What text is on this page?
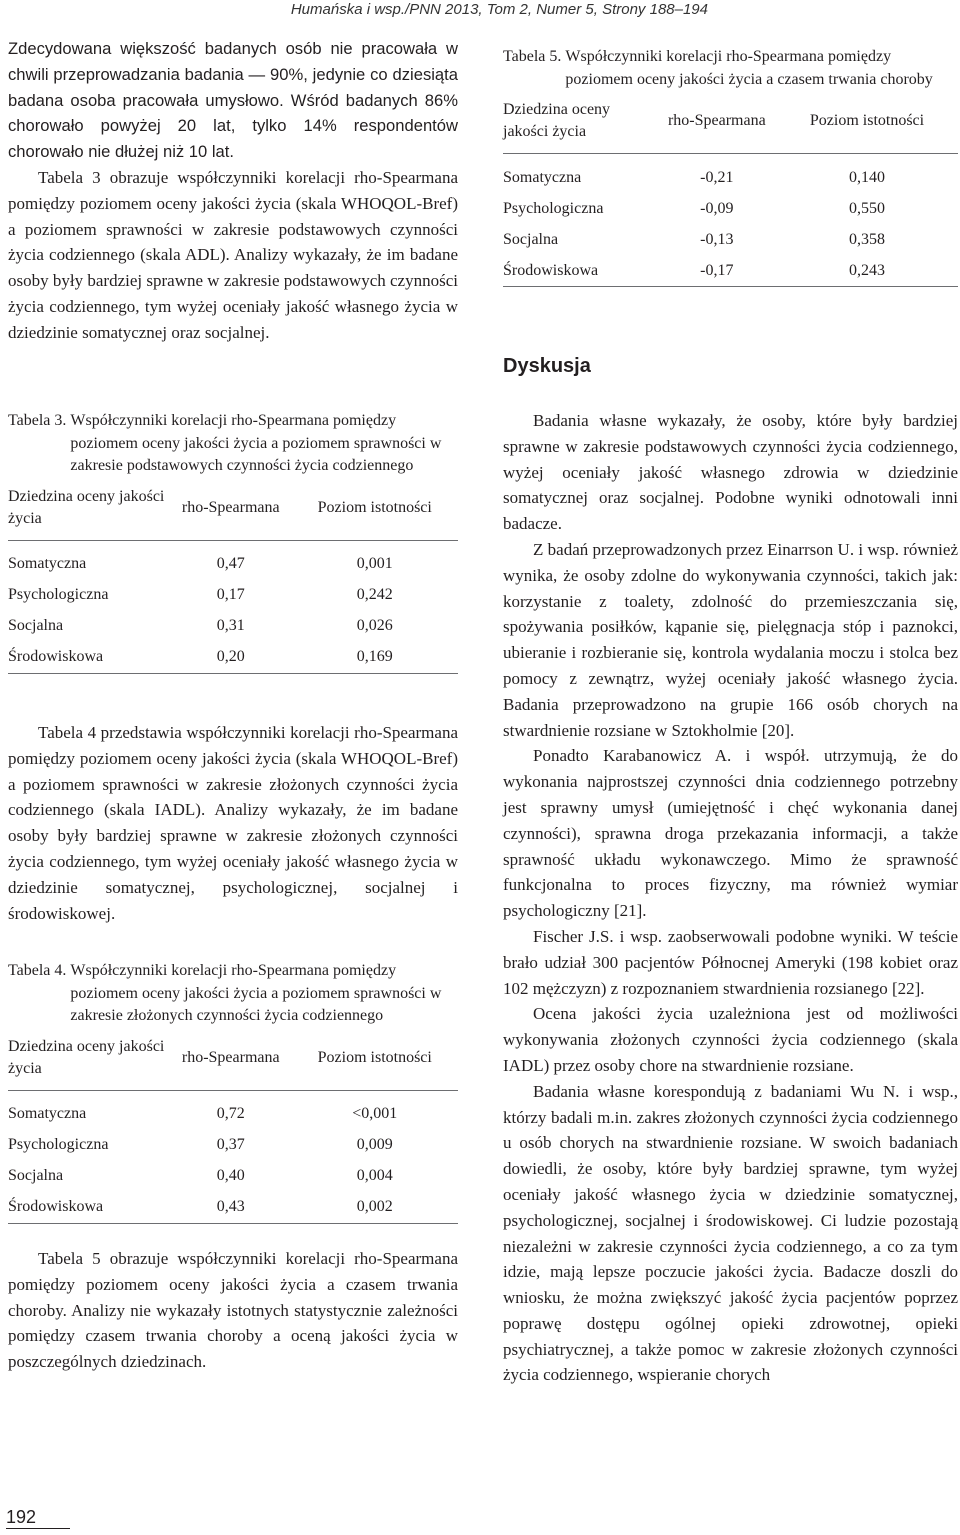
Humańska i wsp./PNN 2013, Tom 2, Numer 5, Strony 188–194

Zdecydowana większość badanych osób nie pracowała w chwili przeprowadzania badania — 90%, jedynie co dziesiąta badana osoba pracowała umysłowo. Wśród badanych 86% chorowało powyżej 20 lat, tylko 14% respondentów chorowało nie dłużej niż 10 lat.

Tabela 3 obrazuje współczynniki korelacji rho-Spearmana pomiędzy poziomem oceny jakości życia (skala WHOQOL-Bref) a poziomem sprawności w zakresie podstawowych czynności życia codziennego (skala ADL). Analizy wykazały, że im badane osoby były bardziej sprawne w zakresie podstawowych czynności życia codziennego, tym wyżej oceniały jakość własnego życia w dziedzinie somatycznej oraz socjalnej.

Tabela 3. Współczynniki korelacji rho-Spearmana pomiędzy poziomem oceny jakości życia a poziomem sprawności w zakresie podstawowych czynności życia codziennego
Dziedzina oceny jakości życia	rho-Spearmana	Poziom istotności
Somatyczna	0,47	0,001
Psychologiczna	0,17	0,242
Socjalna	0,31	0,026
Środowiskowa	0,20	0,169

Tabela 4 przedstawia współczynniki korelacji rho-Spearmana pomiędzy poziomem oceny jakości życia (skala WHOQOL-Bref) a poziomem sprawności w zakresie złożonych czynności życia codziennego (skala IADL). Analizy wykazały, że im badane osoby były bardziej sprawne w zakresie złożonych czynności życia codziennego, tym wyżej oceniały jakość własnego życia w dziedzinie somatycznej, psychologicznej, socjalnej i środowiskowej.

Tabela 4. Współczynniki korelacji rho-Spearmana pomiędzy poziomem oceny jakości życia a poziomem sprawności w zakresie złożonych czynności życia codziennego
Dziedzina oceny jakości życia	rho-Spearmana	Poziom istotności
Somatyczna	0,72	<0,001
Psychologiczna	0,37	0,009
Socjalna	0,40	0,004
Środowiskowa	0,43	0,002

Tabela 5 obrazuje współczynniki korelacji rho-Spearmana pomiędzy poziomem oceny jakości życia a czasem trwania choroby. Analizy nie wykazały istotnych statystycznie zależności pomiędzy czasem trwania choroby a oceną jakości życia w poszczególnych dziedzinach.

Tabela 5. Współczynniki korelacji rho-Spearmana pomiędzy poziomem oceny jakości życia a czasem trwania choroby
Dziedzina oceny jakości życia	rho-Spearmana	Poziom istotności
Somatyczna	-0,21	0,140
Psychologiczna	-0,09	0,550
Socjalna	-0,13	0,358
Środowiskowa	-0,17	0,243
Dyskusja

Badania własne wykazały, że osoby, które były bardziej sprawne w zakresie podstawowych czynności życia codziennego, wyżej oceniały jakość własnego zdrowia w dziedzinie somatycznej oraz socjalnej. Podobne wyniki odnotowali inni badacze.

Z badań przeprowadzonych przez Einarrson U. i wsp. również wynika, że osoby zdolne do wykonywania czynności, takich jak: korzystanie z toalety, zdolność do przemieszczania się, spożywania posiłków, kąpanie się, pielęgnacja stóp i paznokci, ubieranie i rozbieranie się, kontrola wydalania moczu i stolca bez pomocy z zewnątrz, wyżej oceniały jakość własnego życia. Badania przeprowadzono na grupie 166 osób chorych na stwardnienie rozsiane w Sztokholmie [20].

Ponadto Karabanowicz A. i współ. utrzymują, że do wykonania najprostszej czynności dnia codziennego potrzebny jest sprawny umysł (umiejętność i chęć wykonania danej czynności), sprawna droga przekazania informacji, a także sprawność układu wykonawczego. Mimo że sprawność funkcjonalna to proces fizyczny, ma również wymiar psychologiczny [21].

Fischer J.S. i wsp. zaobserwowali podobne wyniki. W teście brało udział 300 pacjentów Północnej Ameryki (198 kobiet oraz 102 mężczyzn) z rozpoznaniem stwardnienia rozsianego [22].

Ocena jakości życia uzależniona jest od możliwości wykonywania złożonych czynności życia codziennego (skala IADL) przez osoby chore na stwardnienie rozsiane.

Badania własne korespondują z badaniami Wu N. i wsp., którzy badali m.in. zakres złożonych czynności życia codziennego u osób chorych na stwardnienie rozsiane. W swoich badaniach dowiedli, że osoby, które były bardziej sprawne, tym wyżej oceniały jakość własnego życia w dziedzinie somatycznej, psychologicznej, socjalnej i środowiskowej. Ci ludzie pozostają niezależni w zakresie czynności życia codziennego, a co za tym idzie, mają lepsze poczucie jakości życia. Badacze doszli do wniosku, że można zwiększyć jakość życia pacjentów poprzez poprawę dostępu ogólnej opieki zdrowotnej, opieki psychiatrycznej, a także pomoc w zakresie złożonych czynności życia codziennego, wspieranie chorych

192
